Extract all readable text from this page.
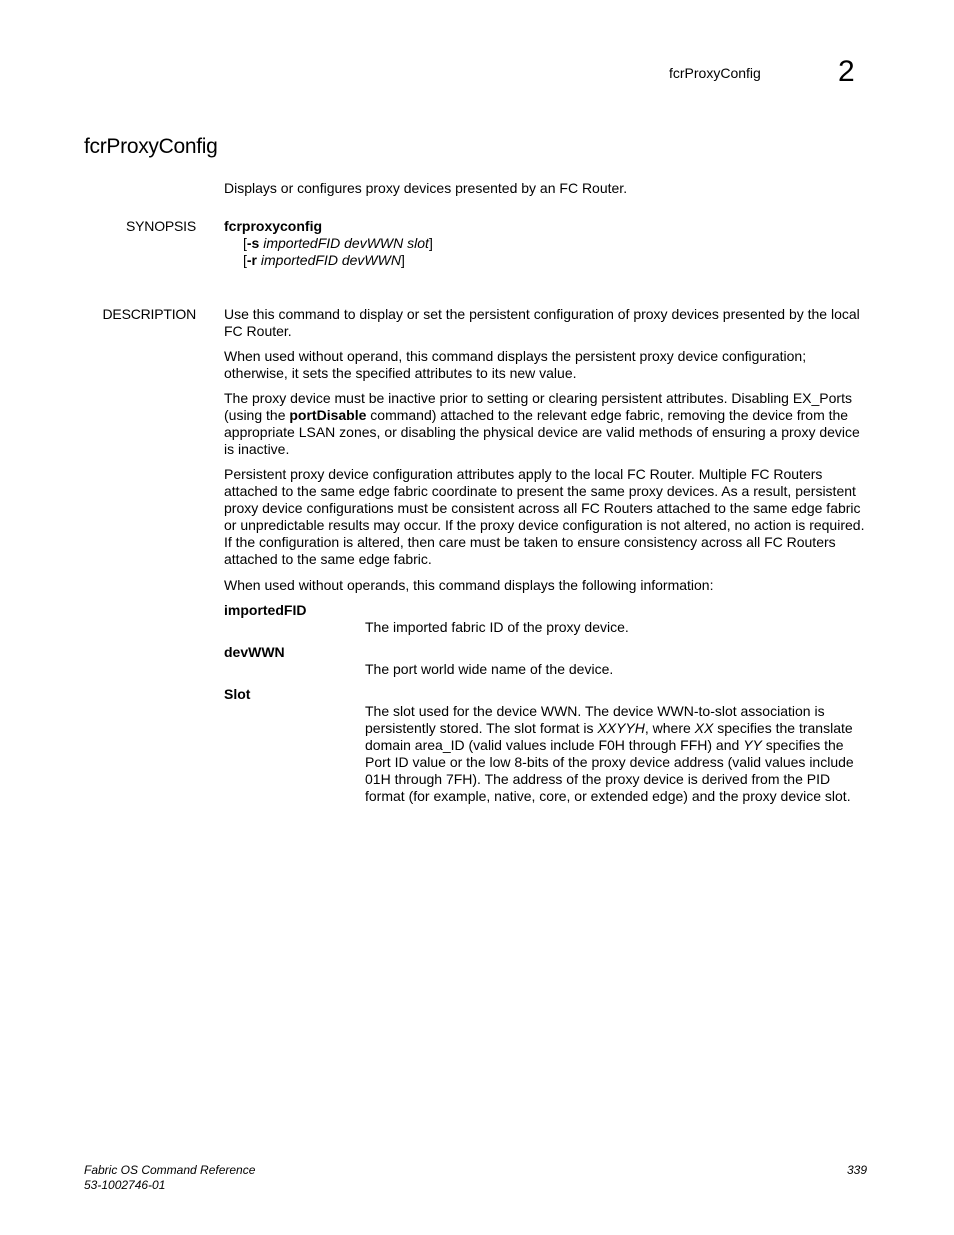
fcrProxyConfig	2
fcrProxyConfig
Displays or configures proxy devices presented by an FC Router.
SYNOPSIS fcrproxyconfig
[-s importedFID devWWN slot]
[-r importedFID devWWN]
DESCRIPTION Use this command to display or set the persistent configuration of proxy devices presented by the local FC Router.
When used without operand, this command displays the persistent proxy device configuration; otherwise, it sets the specified attributes to its new value.
The proxy device must be inactive prior to setting or clearing persistent attributes. Disabling EX_Ports (using the portDisable command) attached to the relevant edge fabric, removing the device from the appropriate LSAN zones, or disabling the physical device are valid methods of ensuring a proxy device is inactive.
Persistent proxy device configuration attributes apply to the local FC Router. Multiple FC Routers attached to the same edge fabric coordinate to present the same proxy devices. As a result, persistent proxy device configurations must be consistent across all FC Routers attached to the same edge fabric or unpredictable results may occur. If the proxy device configuration is not altered, no action is required. If the configuration is altered, then care must be taken to ensure consistency across all FC Routers attached to the same edge fabric.
When used without operands, this command displays the following information:
importedFID
The imported fabric ID of the proxy device.
devWWN
The port world wide name of the device.
Slot
The slot used for the device WWN. The device WWN-to-slot association is persistently stored. The slot format is XXYYH, where XX specifies the translate domain area_ID (valid values include F0H through FFH) and YY specifies the Port ID value or the low 8-bits of the proxy device address (valid values include 01H through 7FH). The address of the proxy device is derived from the PID format (for example, native, core, or extended edge) and the proxy device slot.
Fabric OS Command Reference
53-1002746-01
339
